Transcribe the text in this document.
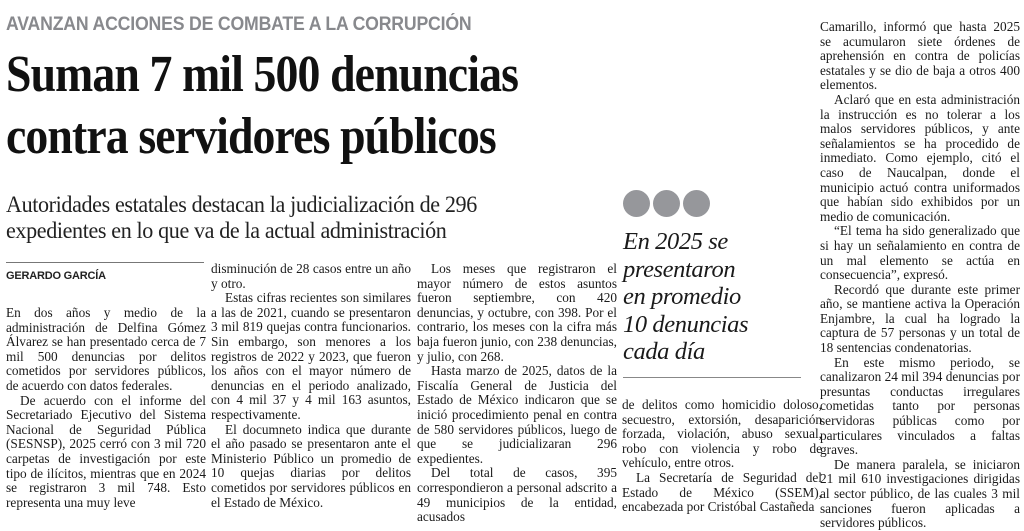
AVANZAN ACCIONES DE COMBATE A LA CORRUPCIÓN
Suman 7 mil 500 denuncias
contra servidores públicos
Autoridades estatales destacan la judicialización de 296
expedientes en lo que va de la actual administración
GERARDO GARCÍA

En dos años y medio de la administración de Delfina Gómez Álvarez se han presentado cerca de 7 mil 500 denuncias por delitos cometidos por servidores públicos, de acuerdo con datos federales.

De acuerdo con el informe del Secretariado Ejecutivo del Sistema Nacional de Seguridad Pública (SESNSP), 2025 cerró con 3 mil 720 carpetas de investigación por este tipo de ilícitos, mientras que en 2024 se registraron 3 mil 748. Esto representa una muy leve

disminución de 28 casos entre un año y otro.

Estas cifras recientes son similares a las de 2021, cuando se presentaron 3 mil 819 quejas contra funcionarios. Sin embargo, son menores a los registros de 2022 y 2023, que fueron los años con el mayor número de denuncias en el periodo analizado, con 4 mil 37 y 4 mil 163 asuntos, respectivamente.

El documneto indica que durante el año pasado se presentaron ante el Ministerio Público un promedio de 10 quejas diarias por delitos cometidos por servidores públicos en el Estado de México.

Los meses que registraron el mayor número de estos asuntos fueron septiembre, con 420 denuncias, y octubre, con 398. Por el contrario, los meses con la cifra más baja fueron junio, con 238 denuncias, y julio, con 268.

Hasta marzo de 2025, datos de la Fiscalía General de Justicia del Estado de México indicaron que se inició procedimiento penal en contra de 580 servidores públicos, luego de que se judicializaran 296 expedientes.

Del total de casos, 395 correspondieron a personal adscrito a 49 municipios de la entidad, acusados

En 2025 se
presentaron
en promedio
10 denuncias
cada día

de delitos como homicidio doloso, secuestro, extorsión, desaparición forzada, violación, abuso sexual, robo con violencia y robo de vehículo, entre otros.

La Secretaría de Seguridad del Estado de México (SSEM), encabezada por Cristóbal Castañeda

Camarillo, informó que hasta 2025 se acumularon siete órdenes de aprehensión en contra de policías estatales y se dio de baja a otros 400 elementos.

Aclaró que en esta administración la instrucción es no tolerar a los malos servidores públicos, y ante señalamientos se ha procedido de inmediato. Como ejemplo, citó el caso de Naucalpan, donde el municipio actuó contra uniformados que habían sido exhibidos por un medio de comunicación.

“El tema ha sido generalizado que si hay un señalamiento en contra de un mal elemento se actúa en consecuencia”, expresó.

Recordó que durante este primer año, se mantiene activa la Operación Enjambre, la cual ha logrado la captura de 57 personas y un total de 18 sentencias condenatorias.

En este mismo periodo, se canalizaron 24 mil 394 denuncias por presuntas conductas irregulares cometidas tanto por personas servidoras públicas como por particulares vinculados a faltas graves.

De manera paralela, se iniciaron 21 mil 610 investigaciones dirigidas al sector público, de las cuales 3 mil sanciones fueron aplicadas a servidores públicos.
